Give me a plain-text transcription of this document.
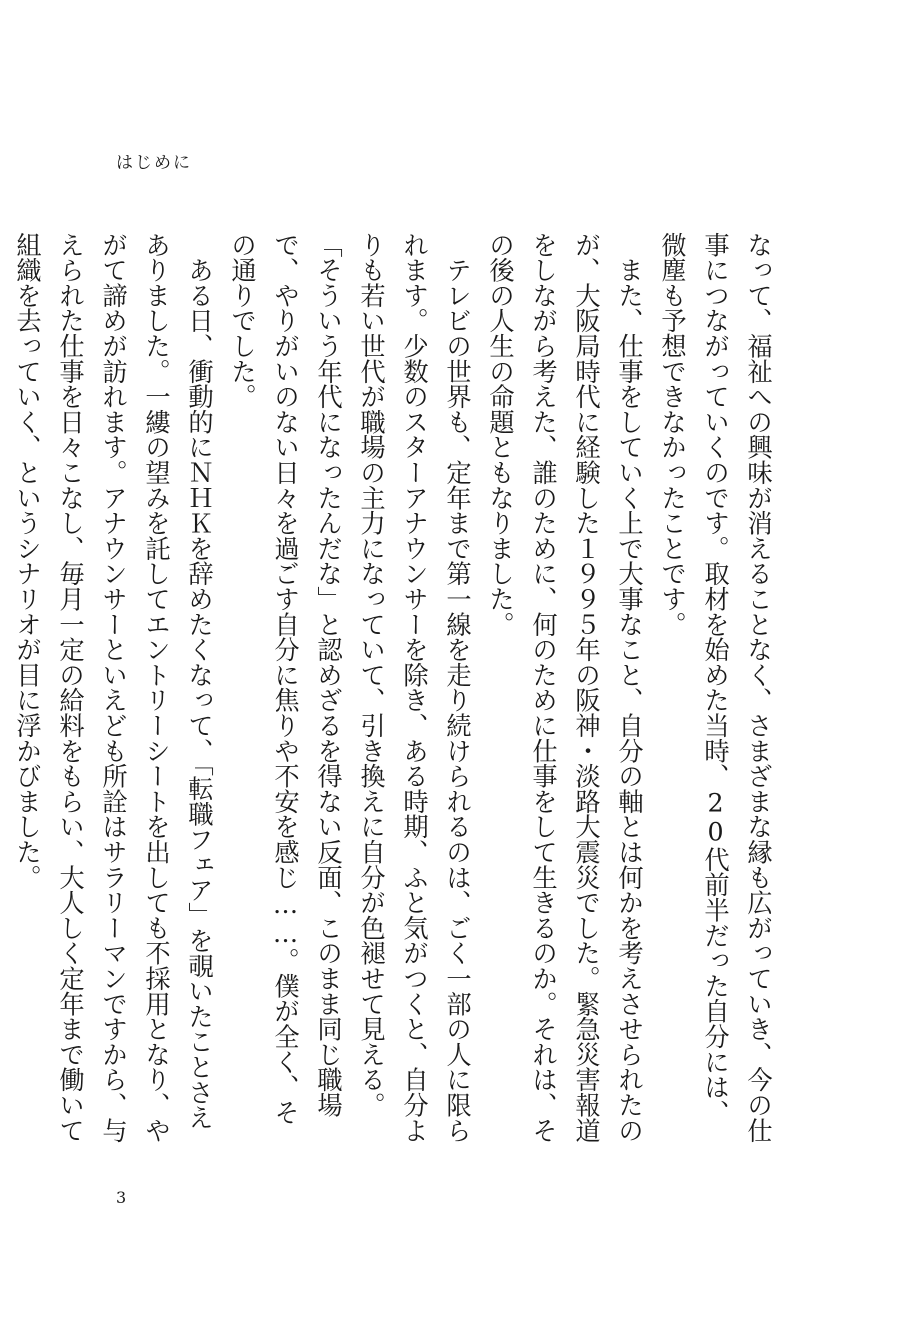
はじめに

なって、福祉への興味が消えることなく、さまざまな縁も広がっていき、今の仕事につながっていくのです。取材を始めた当時、20代前半だった自分には、微塵も予想できなかったことです。

　また、仕事をしていく上で大事なこと、自分の軸とは何かを考えさせられたのが、大阪局時代に経験した１９９５年の阪神・淡路大震災でした。緊急災害報道をしながら考えた、誰のために、何のために仕事をして生きるのか。それは、その後の人生の命題ともなりました。

　テレビの世界も、定年まで第一線を走り続けられるのは、ごく一部の人に限られます。少数のスターアナウンサーを除き、ある時期、ふと気がつくと、自分よりも若い世代が職場の主力になっていて、引き換えに自分が色褪せて見える。「そういう年代になったんだな」と認めざるを得ない反面、このまま同じ職場で、やりがいのない日々を過ごす自分に焦りや不安を感じ……。僕が全く、その通りでした。

　ある日、衝動的にＮＨＫを辞めたくなって、「転職フェア」を覗いたことさえありました。一縷の望みを託してエントリーシートを出しても不採用となり、やがて諦めが訪れます。アナウンサーといえども所詮はサラリーマンですから、与えられた仕事を日々こなし、毎月一定の給料をもらい、大人しく定年まで働いて組織を去っていく、というシナリオが目に浮かびました。

3
